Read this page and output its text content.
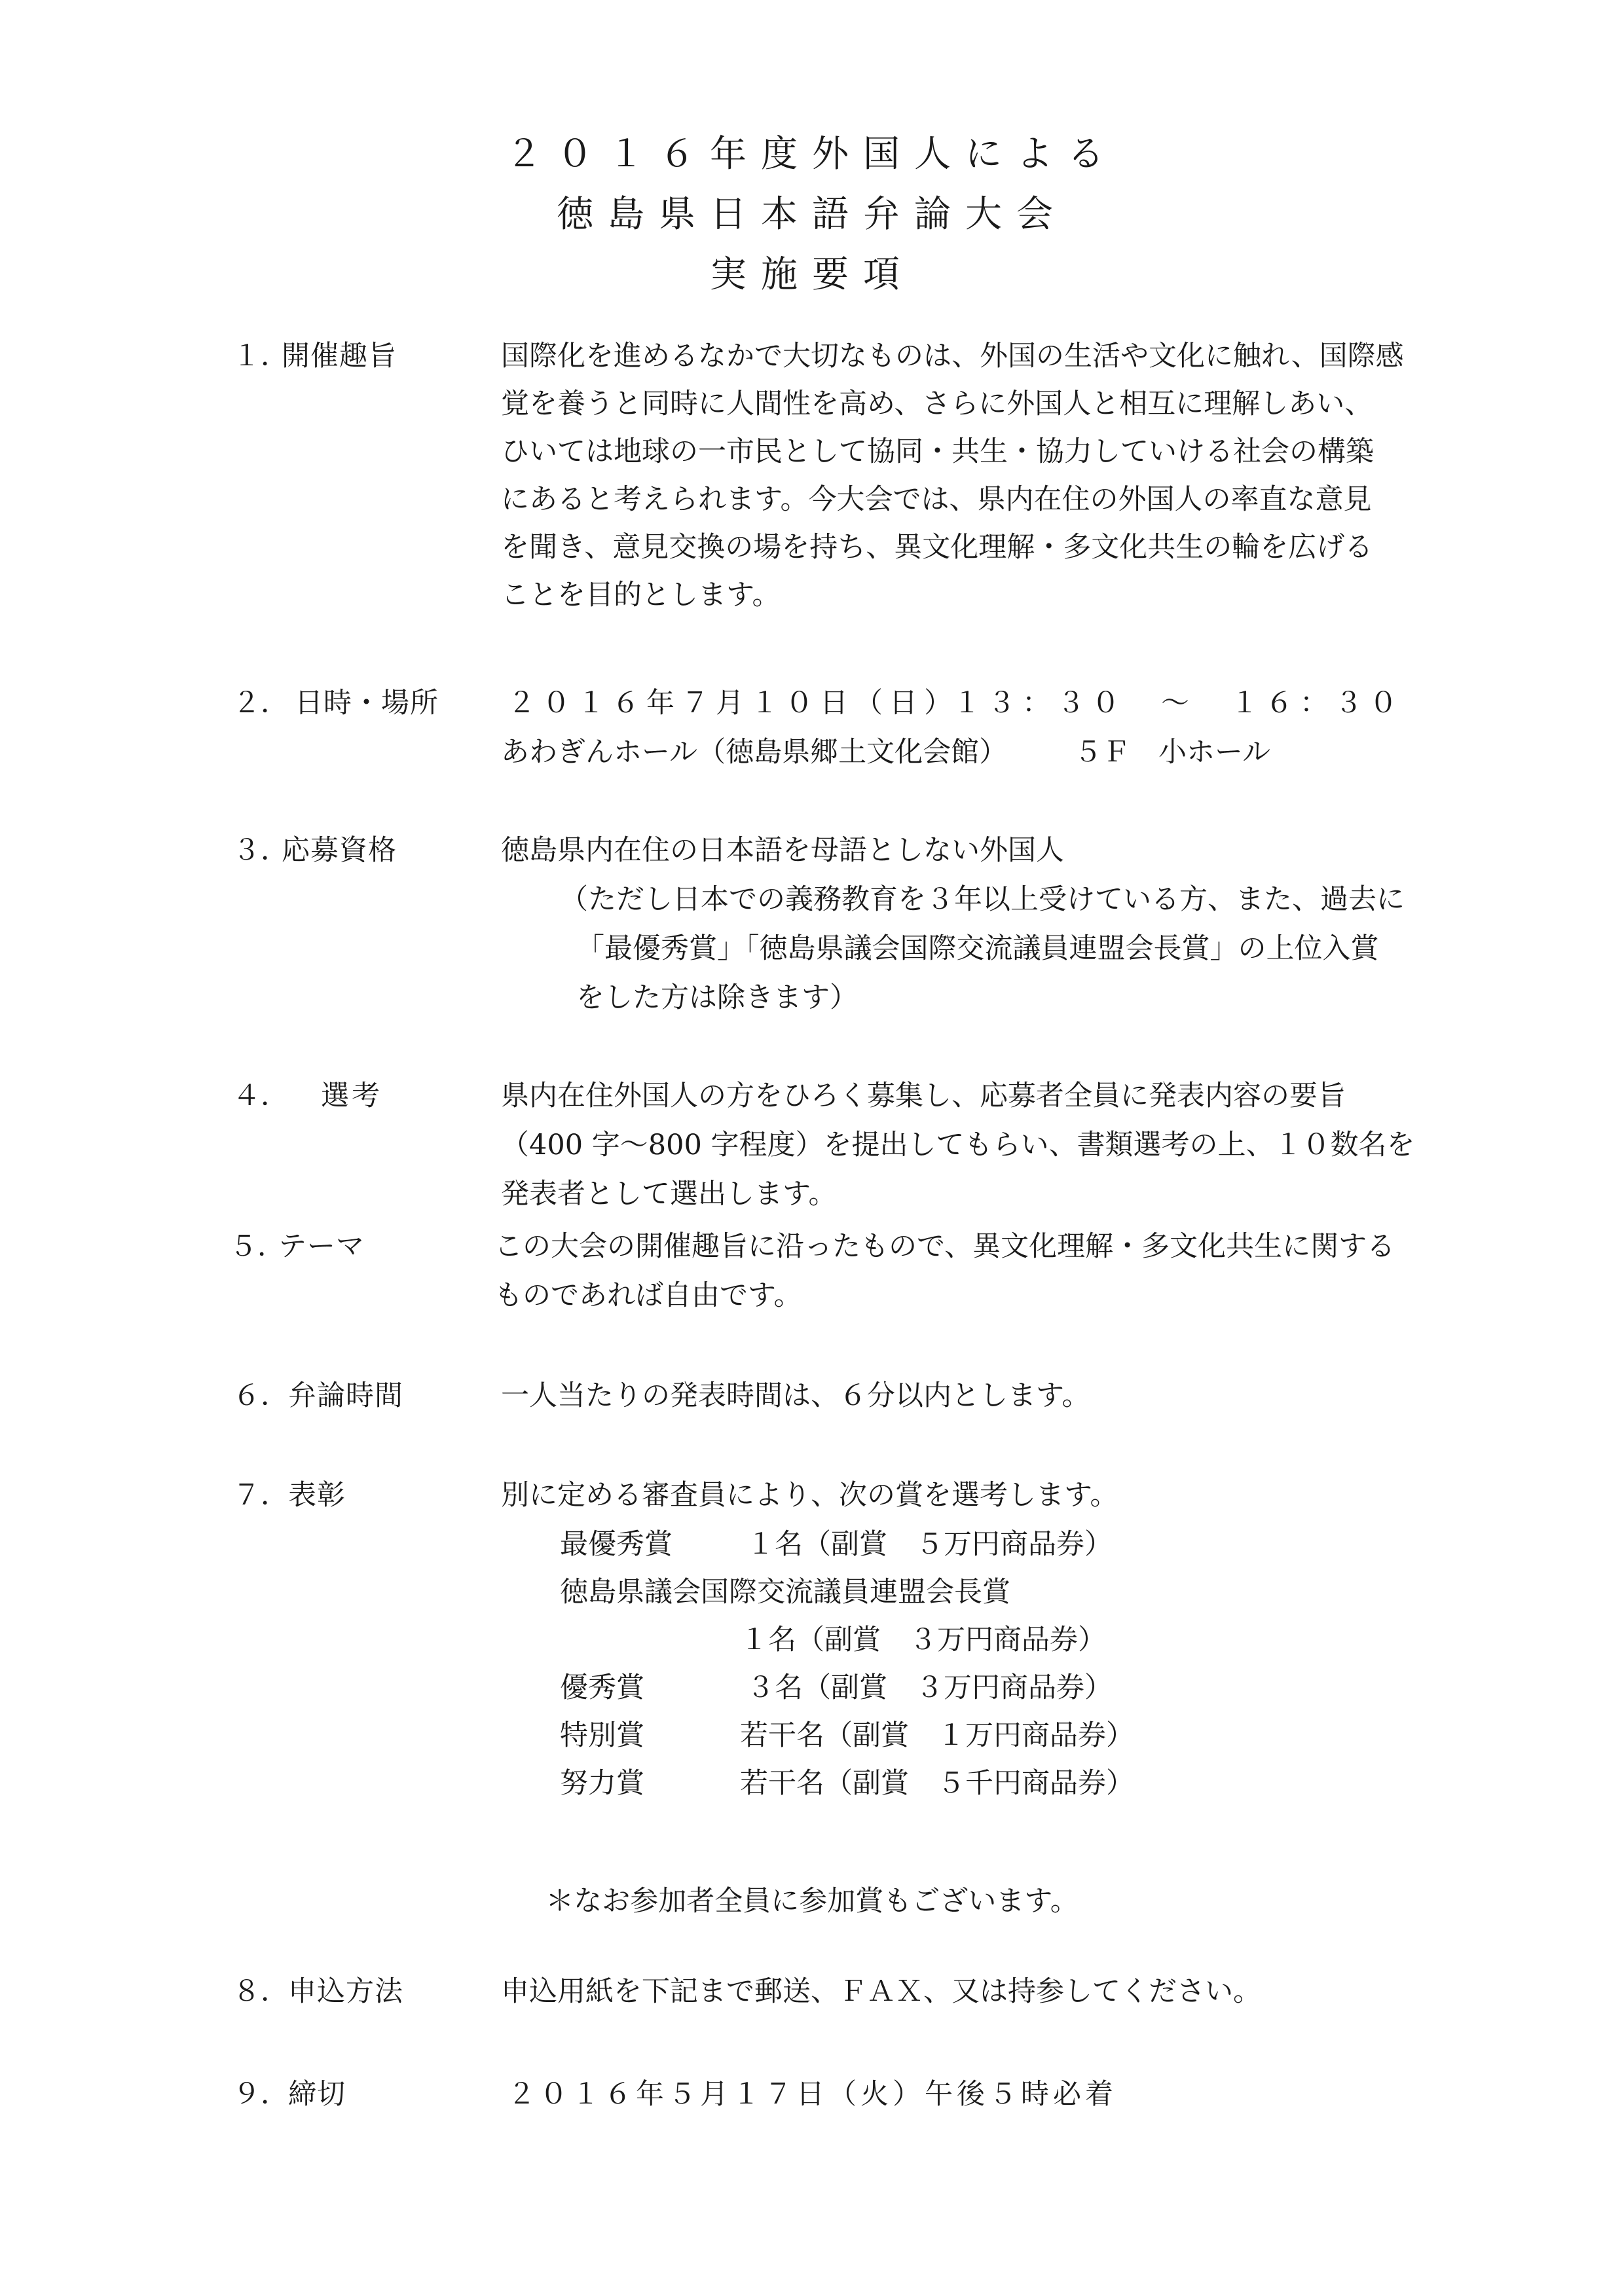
２０１６年度外国人による
徳島県日本語弁論大会
実施要項
１．
開催趣旨	国際化を進めるなかで大切なものは、外国の生活や文化に触れ、国際感
覚を養うと同時に人間性を高め、さらに外国人と相互に理解しあい、
ひいては地球の一市民として協同・共生・協力していける社会の構築
にあると考えられます。今大会では、県内在住の外国人の率直な意見
を聞き、意見交換の場を持ち、異文化理解・多文化共生の輪を広げる
ことを目的とします。
２． 日時・場所 ２０１６年７月１０日（日）
１３：３０　～　１６：３０
あわぎんホール（徳島県郷土文化会館） ５Ｆ　小ホール
３．
応募資格	徳島県内在住の日本語を母語としない外国人
（ただし日本での義務教育を３年以上受けている方、また、過去に
「最優秀賞」「徳島県議会国際交流議員連盟会長賞」の上位入賞
をした方は除きます）
４． 選考	県内在住外国人の方をひろく募集し、応募者全員に発表内容の要旨
（400 字～800 字程度）を提出してもらい、書類選考の上、１０数名を
発表者として選出します。
５．
テーマ	この大会の開催趣旨に沿ったもので、異文化理解・多文化共生に関する
ものであれば自由です。
６． 弁論時間	一人当たりの発表時間は、６分以内とします。
７． 表彰	別に定める審査員により、次の賞を選考します。
最優秀賞	１名（副賞　５万円商品券）
徳島県議会国際交流議員連盟会長賞
１名（副賞　３万円商品券）
優秀賞	３名（副賞　３万円商品券）
特別賞	若干名（副賞　１万円商品券）
努力賞	若干名（副賞　５千円商品券）
＊なお参加者全員に参加賞もございます。
８． 申込方法	申込用紙を下記まで郵送、ＦＡＸ、又は持参してください。
９． 締切	２０１６年５月１７日（火）午後５時必着
